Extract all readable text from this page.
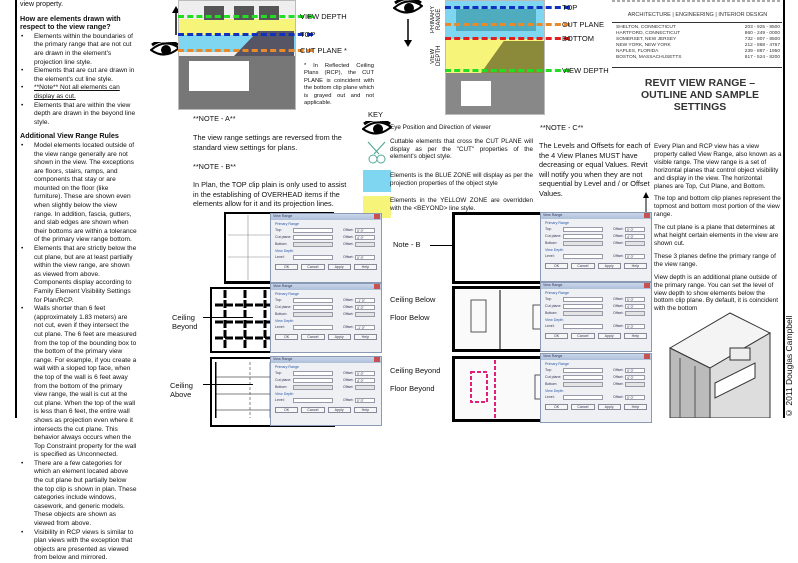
view property.
How are elements drawn with respect to the view range?
• Elements within the boundaries of the primary range that are not cut are drawn in the element's projection line style.
• Elements that are cut are drawn in the element's cut line style.
• **Note** Not all elements can display as cut.
• Elements that are within the view depth are drawn in the beyond line style.
Additional View Range Rules
• Model elements located outside of the view range generally are not shown in the view. The exceptions are floors, stairs, ramps, and components that stay or are mounted on the floor (like furniture). These are shown even when slightly below the view range. In addition, fascia, gutters, and slab edges are shown when their bottoms are within a tolerance of the primary view range bottom.
• Elements that are strictly below the cut plane, but are at least partially within the view range, are shown as viewed from above. Components display according to Family Element Visibility Settings for Plan/RCP.
• Walls shorter than 6 feet (approximately 1.83 meters) are not cut, even if they intersect the cut plane. The 6 feet are measured from the top of the bounding box to the bottom of the primary view range. For example, if you create a wall with a sloped top face, when the top of the wall is 6 feet away from the bottom of the primary view range, the wall is cut at the cut plane. When the top of the wall is less than 6 feet, the entire wall shows as projection even where it intersects the cut plane. This behavior always occurs when the Top Constraint property for the wall is specified as Unconnected.
• There are a few categories for which an element located above the cut plane but partially below the top clip is shown in plan. These categories include windows, casework, and generic models. These objects are shown as viewed from above.
• Visibility in RCP views is similar to plan views with the exception that objects are presented as viewed from below and mirrored.
VIEW DEPTH
TOP
CUT PLANE *
* In Reflected Ceiling Plans (RCP), the CUT PLANE is coincident with the bottom clip plane which is grayed out and not applicable.
PRIMARY RANGE
VIEW DEPTH
TOP
CUT PLANE
BOTTOM
VIEW DEPTH
**NOTE - A**
The view range settings are reversed from the standard view settings for plans.
**NOTE - B**
In Plan, the TOP clip plain is only used to assist in the establishing of OVERHEAD items if the elements allow for it and its projection lines.
**NOTE - C**
The Levels and Offsets for each of the 4 View Planes MUST have decreasing or equal Values. Revit will notify you when they are not sequential by Level and / or Offset Values.
KEY
Eye Position and Direction of viewer
Cuttable elements that cross the CUT PLANE will display as per the "CUT" properties of the element's object style.
Elements is the BLUE ZONE will display as per the projection properties of the object style
Elements in the YELLOW ZONE are overridden with the <BEYOND> line style.
ARCHITECTURE | ENGINEERING | INTERIOR DESIGN
SHELTON, CONNECTICUT	203 - 925 - 8500
HARTFORD, CONNECTICUT	860 - 249 - 0000
SOMERSET, NEW JERSEY	732 - 807 - 8500
NEW YORK, NEW YORK	212 - 868 - 4767
NAPLES, FLORIDA	239 - 887 - 1950
BOSTON, MASSACHUSETTS	617 - 524 - 8200
REVIT VIEW RANGE – OUTLINE AND SAMPLE SETTINGS

Every Plan and RCP view has a view property called View Range, also known as a visible range. The view range is a set of horizontal planes that control object visibility and display in the view. The horizontal planes are Top, Cut Plane, and Bottom.

The top and bottom clip planes represent the topmost and bottom most portion of the view range.

The cut plane is a plane that determines at what height certain elements in the view are shown cut.

These 3 planes define the primary range of the view range.

View depth is an additional plane outside of the primary range. You can set the level of view depth to show elements below the bottom clip plane. By default, it is coincident with the bottom

© 2011 Douglas Campbell
View Range
Primary Range
Top:	Offset: 0' 0"
Cut plane:	Offset: 4' 0"
Bottom:	Offset:
View Depth
Level:	Offset: 0' 0"
OK	Cancel	Apply	Help
View Range
Primary Range
Top:	Offset: -1' 0"
Cut plane:	Offset: 4' 0"
Bottom:	Offset:
View Depth
Level:	Offset: -1' 0"
OK	Cancel	Apply	Help
View Range
Primary Range
Top:	Offset: 0' 0"
Cut plane:	Offset: 4' 0"
Bottom:	Offset:
View Depth
Level:	Offset: 0' 0"
OK	Cancel	Apply	Help
View Range
Primary Range
Top:	Offset: 0' 0"
Cut plane:	Offset: 4' 0"
Bottom:	Offset:
View Depth
Level:	Offset: 0' 0"
OK	Cancel	Apply	Help
View Range
Primary Range
Top:	Offset: 0' 0"
Cut plane:	Offset: 4' 0"
Bottom:	Offset:
View Depth
Level:	Offset: 0' 0"
OK	Cancel	Apply	Help
View Range
Primary Range
Top:	Offset: 0' 0"
Cut plane:	Offset: 4' 0"
Bottom:	Offset:
View Depth
Level:	Offset: 0' 0"
OK	Cancel	Apply	Help
Ceiling Beyond
Ceiling Above
Note - B
Ceiling Below
Floor Below
Ceiling Beyond
Floor Beyond
